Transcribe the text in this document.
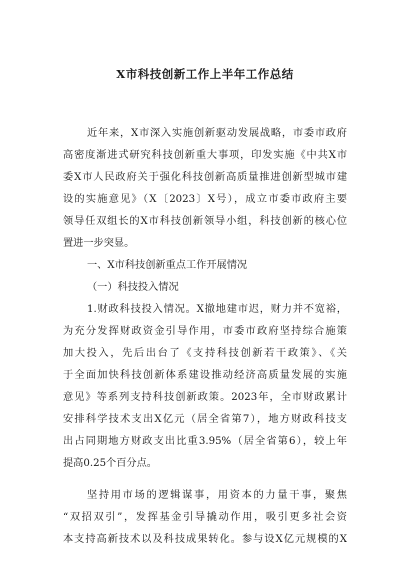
X市科技创新工作上半年工作总结

近年来，X市深入实施创新驱动发展战略，市委市政府

高密度渐进式研究科技创新重大事项，印发实施《中共X市

委X市人民政府关于强化科技创新高质量推进创新型城市建

设的实施意见》（X〔2023〕X号），成立市委市政府主要

领导任双组长的X市科技创新领导小组，科技创新的核心位

置进一步突显。

一、X市科技创新重点工作开展情况

（一）科技投入情况

1.财政科技投入情况。X撤地建市迟，财力并不宽裕，

为充分发挥财政资金引导作用，市委市政府坚持综合施策

加大投入，先后出台了《支持科技创新若干政策》、《关

于全面加快科技创新体系建设推动经济高质量发展的实施

意见》等系列支持科技创新政策。2023年，全市财政累计

安排科学技术支出X亿元（居全省第7），地方财政科技支

出占同期地方财政支出比重3.95%（居全省第6），较上年

提高0.25个百分点。

坚持用市场的逻辑谋事，用资本的力量干事，聚焦

“双招双引”，发挥基金引导撬动作用，吸引更多社会资

本支持高新技术以及科技成果转化。参与设X亿元规模的X
